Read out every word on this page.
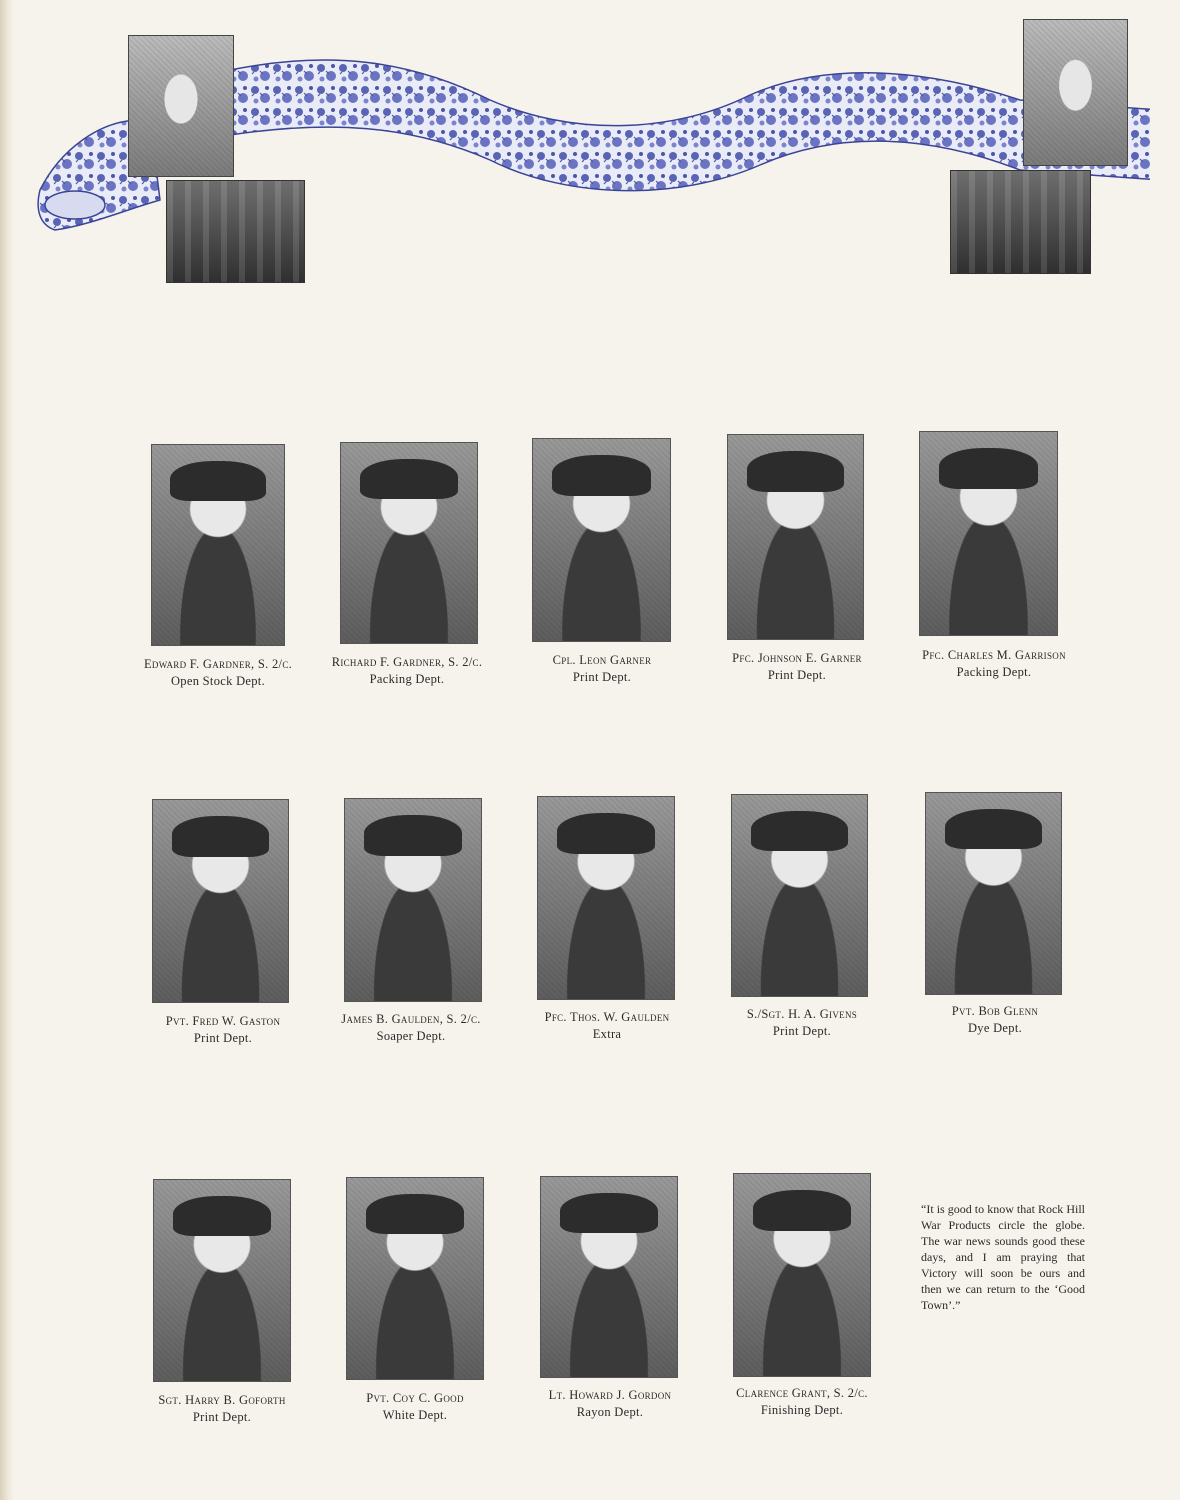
Edward F. Gardner, S. 2/c.
Open Stock Dept.
Richard F. Gardner, S. 2/c.
Packing Dept.
Cpl. Leon Garner
Print Dept.
Pfc. Johnson E. Garner
Print Dept.
Pfc. Charles M. Garrison
Packing Dept.
Pvt. Fred W. Gaston
Print Dept.
James B. Gaulden, S. 2/c.
Soaper Dept.
Pfc. Thos. W. Gaulden
Extra
S./Sgt. H. A. Givens
Print Dept.
Pvt. Bob Glenn
Dye Dept.
Sgt. Harry B. Goforth
Print Dept.
Pvt. Coy C. Good
White Dept.
Lt. Howard J. Gordon
Rayon Dept.
Clarence Grant, S. 2/c.
Finishing Dept.
“It is good to know that Rock Hill War Products circle the globe. The war news sounds good these days, and I am praying that Victory will soon be ours and then we can return to the ‘Good Town’.”
